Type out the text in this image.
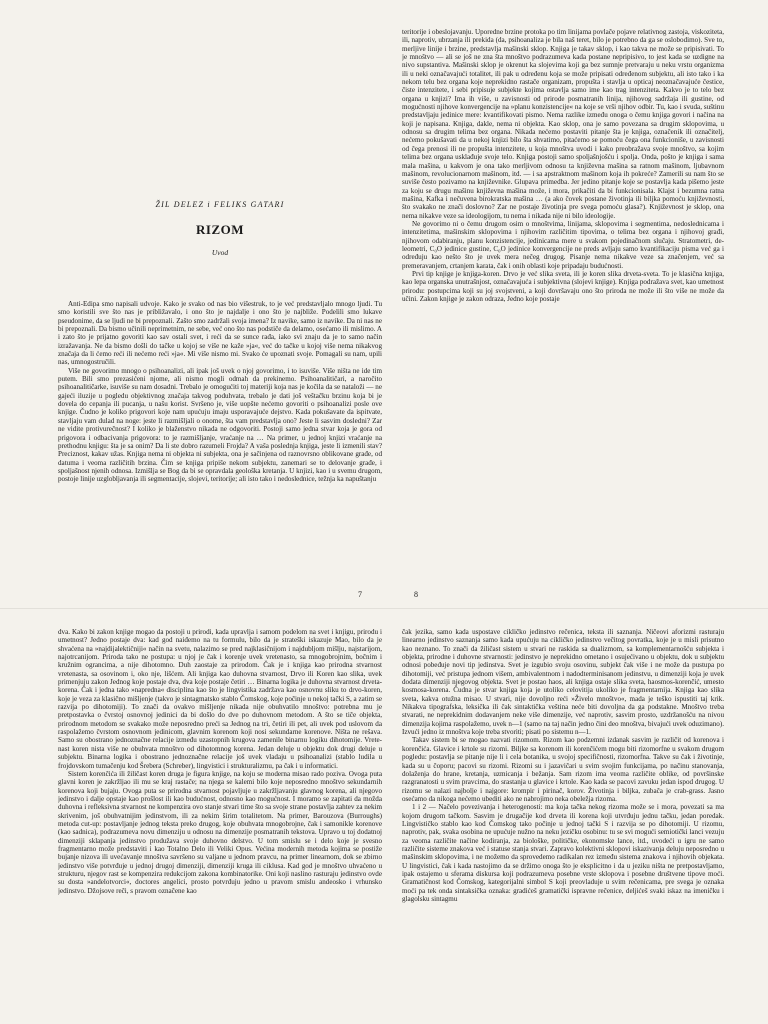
ŽIL DELEZ i FELIKS GATARI
RIZOM
Uvod

Anti-Edipa smo napisali udvoje. Kako je svako od nas bio višestruk, to je već predstavljalo mnogo ljudi. Tu smo koristili sve što nas je približavalo, i ono što je najdalje i ono što je najbliže. Podelili smo lukave pseudonime, da se ljudi ne bi prepoznali. Zašto smo zadržali svoja imena? Iz navike, samo iz navike. Da ni nas ne bi prepoznali. Da bismo učinili neprimetnim, ne sebe, već ono što nas podstiče da delamo, osećamo ili mislimo. A i zato što je prijatno govoriti kao sav ostali svet, i reći da se sunce rađa, iako svi znaju da je to samo način izražavanja. Ne da bismo došli do tačke u kojoj se više ne kaže »ja«, već do tačke u kojoj više nema nikakvog značaja da li ćemo reći ili nećemo reći »ja«. Mi više nismo mi. Svako će upoznati svoje. Pomagali su nam, upili nas, umnogostručili.

Više ne govorimo mnogo o psihoanalizi, ali ipak još uvek o njoj govorimo, i to isuviše. Više ništa ne ide tim putem. Bili smo prezasićeni njome, ali nismo mogli odmah da prekinemo. Psihoanalitičari, a naročito psihoanalitičarke, isuviše su nam dosadni. Trebalo je omogućiti toj materiji koja nas je kočila da se nataloži — ne gajeći iluzije u pogledu objektivnog značaja takvog poduhvata, trebalo je dati još veštačku brzinu koja bi je dovela do cepanja ili pucanja, u našu korist. Svršeno je, više uopšte nećemo govoriti o psihoanalizi posle ove knjige. Čudno je koliko prigovori koje nam upućuju imaju usporavajuće dejstvo. Kada pokušavate da ispitvate, stavljaju vam dulad na noge: jeste li razmišljali o onome, šta vam predstavlja ono? Jeste li sasvim dosledni? Zar ne vidite protivurečnost? I koliko je blaženstvo nikada ne odgovoriti. Postoji samo jedna stvar koja je gora od prigovora i odbacivanja prigovora: to je razmišljanje, vraćanje na … Na primer, u jednoj knjizi vraćanje na prethodnu knjigu: šta je sa onim? Da li ste dobro razumeli Frojda? A vaša poslednja knjiga, jeste li izmenili stav? Preciznost, kakav užas. Knjiga nema ni objekta ni subjekta, ona je sačinjena od raznovrsno oblikovane građe, od datuma i veoma različitih brzina. Čim se knjiga pripiše nekom subjektu, zanemari se to delovanje građe, i spoljašnost njenih odnosa. Izmišlja se Bog da bi se opravdala geološka kretanja. U knjizi, kao i u svemu drugom, postoje linije uzglobljavanja ili segmentacije, slojevi, teritorije; ali isto tako i nedoslednice, težnja ka napuštanju

teritorije i obeslojavanju. Uporedne brzine protoka po tim linijama povlače pojave relativnog zastoja, viskoziteta, ili, naprotiv, ubrzanja ili prekida (da, psihoanaliza je bila naš teret, bilo je potrebno da ga se oslobodimo). Sve to, merljive linije i brzine, predstavlja mašinski sklop. Knjiga je takav sklop, i kao takva ne može se pripisivati. To je mnoštvo — ali se još ne zna šta mnoštvo podrazumeva kada postane nepripisivo, to jest kada se uzdigne na nivo supstantiva. Mašinski sklop je okrenut ka slojevima koji ga bez sumnje pretvaraju u neku vrstu organizma ili u neki označavajući totalitet, ili pak u određenu koja se može pripisati određenom subjektu, ali isto tako i ka nekom telu bez organa koje neprekidno rastače organizam, propušta i stavlja u opticaj neoznačavajuće čestice, čiste intenzitete, i sebi pripisuje subjekte kojima ostavlja samo ime kao trag intenziteta. Kakvo je to telo bez organa u knjizi? Ima ih više, u zavisnosti od prirode posmatranih linija, njihovog sadržaja ili gustine, od mogućnosti njihove konvergencije na »planu konzistencije« na koje se vrši njihov odbir. Tu, kao i svuda, suštinu predstavljaju jedinice mere: kvantifikovati pismo. Nema razlike između onoga o čemu knjiga govori i načina na koji je napisana. Knjiga, dakle, nema ni objekta. Kao sklop, ona je samo povezana sa drugim sklopovima, u odnosu sa drugim telima bez organa. Nikada nećemo postaviti pitanje šta je knjiga, označenik ili označitelj, nećemo pokušavati da u nekoj knjizi bilo šta shvatimo, pitaćemo se pomoću čega ona funkcioniše, u zavisnosti od čega prenosi ili ne propušta intenzitete, u koja mnoštva uvodi i kako preobražava svoje mnoštvo, sa kojim telima bez organa usklađuje svoje telo. Knjiga postoji samo spoljašnjošću i spolja. Onda, pošto je knjiga i sama mala mašina, u kakvom je ona tako merljivom odnosu ta književna mašina sa ratnom mašinom, ljubavnom mašinom, revolucionarnom mašinom, itd. — i sa apstraktnom mašinom koja ih pokreće? Zamerili su nam što se suviše često pozivamo na književnike. Glupava primedba. Jer jedino pitanje koje se postavlja kada pišemo jeste za koju se drugu mašinu književna mašina može, i mora, prikačiti da bi funkcionisala. Klajst i bezumna ratna mašina, Kafka i nečuvena birokratska mašina … (a ako čovek postane životinja ili biljka pomoću književnosti, što svakako ne znači doslovno? Zar ne postaje životinja pre svega pomoću glasa?). Književnost je sklop, ona nema nikakve veze sa ideologijom, tu nema i nikada nije ni bilo ideologije.

Ne govorimo ni o čemu drugom osim o mnoštvima, linijama, sklopovima i segmentima, nedoslednicama i intenzitetima, mašinskim sklopovima i njihovim različitim tipovima, o telima bez organa i njihovoj građi, njihovom odabiranju, planu konzistencije, jedinicama mere u svakom pojedinačnom slučaju. Stratometri, deleometri, C₀O jedinice gustine, C₀O jedinice konvergencije ne preds avljaju samo kvantifikaciju pisma već ga i određuju kao nešto što je uvek mera nečeg drugog. Pisanje nema nikakve veze sa značenjem, već sa premeravanjem, crtanjem karata, čak i onih oblasti koje pripadaju budućnosti.

Prvi tip knjige je knjiga-koren. Drvo je već slika sveta, ili je koren slika drveta-sveta. To je klasična knjiga, kao lepa organska unutrašnjost, označavajuća i subjektivna (slojevi knjige). Knjiga podražava svet, kao umetnost prirodu: postupcima koji su joj svojstveni, a koji dovršavaju ono što priroda ne može ili što više ne može da učini. Zakon knjige je zakon odraza, Jedno koje postaje

7	8

dva. Kako bi zakon knjige mogao da postoji u prirodi, kada upravlja i samom podelom na svet i knjigu, prirodu i umetnost? Jedno postaje dva: kad god naiđemo na tu formulu, bilo da je strateški iskazuje Mao, bilo da je shvaćena na »najdijalektičniji« način na svetu, nalazimo se pred najklasičnijom i najdublјom mišlju, najstarijom, najotrcanijom. Priroda tako ne postupa: u njoj je čak i korenje uvek vretenasto, sa mnogobrojnim, bočnim i kružnim ograncima, a nije dihotomno. Duh zaostaje za prirodom. Čak je i knjiga kao prirodna stvarnost vretenasta, sa osovinom i, oko nje, lišćem. Ali knjiga kao duhovna stvarnost, Drvo ili Koren kao slika, uvek primenjuju zakon Jednog koje postaje dva, dva koje postaje četiri … Binarna logika je duhovna stvarnost drveta-korena. Čak i jedna tako »napredna« disciplina kao što je lingvistika zadržava kao osnovnu sliku to drvo-koren, koje je veza za klasično mišljenje (takvo je sintagmatsko stablo Čomskog, koje počinje u nekoj tački S, a zatim se razvija po dihotomiji). To znači da ovakvo mišljenje nikada nije obuhvatilo mnoštvo: potrebna mu je pretpostavka o čvrstoj osnovnoj jedinici da bi došlo do dve po duhovnom metodom. A što se tiče objekta, prirodnom metodom se svakako može neposredno preći sa Jednog na tri, četiri ili pet, ali uvek pod uslovom da raspolažemo čvrstom osnovnom jedinicom, glavnim korenom koji nosi sekundarne korenove. Ništa ne rešava. Samo su obostrano jednoznačne relacije između uzastopnih krugova zamenile binarnu logiku dihotomije. Vretenast koren nista više ne obuhvata mnoštvo od dihotomnog korena. Jedan deluje u objektu dok drugi deluje u subjektu. Binarna logika i obostrano jednoznačne relacije još uvek vladaju u psihoanalizi (stablo ludila u frojdovskom tumačenju kod Šrebera (Schreber), lingvistici i strukturalizmu, pa čak i u informatici.

Sistem korenčića ili žiličast koren druga je figura knjige, na koju se moderna misao rado poziva. Ovoga puta glavni koren je zakržljao ili mu se kraj rastače; na njega se kalemi bilo koje neposredno mnoštvo sekundarnih korenova koji bujaju. Ovoga puta se prirodna stvarnost pojavljuje u zakržljavanju glavnog korena, ali njegovo jedinstvo i dalje opstaje kao prošlost ili kao budućnost, odnosno kao mogućnost. I moramo se zapitati da možda duhovna i refleksivna stvarnost ne kompenzira ovo stanje stvari time što sa svoje strane postavlja zahtev za nekim skrivenim, još obuhvatnijim jedinstvom, ili za nekim širim totalitetom. Na primer, Barouzova (Burroughs) metoda cut-up: postavljanje jednog teksta preko drugog, koje obuhvata mnogobrojne, čak i samonikle korenove (kao sadnica), podrazumeva novu dimenziju u odnosu na dimenzije posmatranih tekstova. Upravo u toj dodatnoj dimenziji sklapanja jedinstvo produžava svoje duhovno delstvo. U tom smislu se i delo koje je svesno fragmentarno može predstaviti i kao Totalno Delo ili Veliki Opus. Većina modernih metoda kojima se postiže bujanje nizova ili uvećavanje mnoštva savršeno su valjane u jednom pravcu, na primer linearnom, dok se zbirno jedinstvo više potvrđuje u jednoj drugoj dimenziji, dimenziji kruga ili ciklusa. Kad god je mnoštvo uhvaćeno u strukturu, njegov rast se kompenzira redukcijom zakona kombinatorike. Oni koji naslino rasturaju jedinstvo ovde su dosta »andelotvorci«, doctores angelici, prosto potvrđuju jedno u pravom smislu andeosko i vrhunsko jedinstvo. Džojsove reči, s pravom označene kao

čak jezika, samo kada uspostave cikličko jedinstvo rečenica, teksta ili saznanja. Ničeovi aforizmi rasturaju linearno jedinstvo saznanja samo kada upućuju na cikličko jedinstvo večitog povratka, koje je u misli prisutno kao neznano. To znači da žiličast sistem u stvari ne raskida sa dualizmom, sa komplementarnošću subjekta i objekta, prirodne i duhovne stvarnosti: jedinstvo je neprekidno ometano i osujećivano u objektu, dok u subjektu odnosi pobeđuje novi tip jedinstva. Svet je izgubio svoju osovinu, subjekt čak više i ne može da pustupa po dihotomiji, već pristupa jednom višem, ambivalentnom i nadodterminisanom jedinstvu, u dimenziji koja je uvek dodata dimenziji njegovog objekta. Svet je postao haos, ali knjiga ostaje slika sveta, haosmos-korenčić, umesto kosmosa-korena. Čudna je stvar knjiga koja je utoliko celovitija ukoliko je fragmentarnija. Knjiga kao slika sveta, kakva otužna misao. U stvari, nije dovoljno reći »Živelo mnoštvo«, mada je teško ispustiti taj krik. Nikakva tipografska, leksička ili čak sintaktička veština neće biti dovoljna da ga podstakne. Mnoštvo treba stvarati, ne neprekidnim dodavanjem neke više dimenzije, već naprotiv, sasvim prosto, uzdržanošću na nivou dimenzija kojima raspolažemo, uvek n—1 (samo na taj način jedno čini deo mnoštva, bivajući uvek oduzimano). Izvući jedno iz mnoštva koje treba stvoriti; pisati po sistemu n—1.

Takav sistem bi se mogao nazvati rizomom. Rizom kao podzemni izdanak sasvim je različit od korenova i korenčića. Glavice i krtole su rizomi. Biljke sa korenom ili korenčićem mogu biti rizomorfne u svakom drugom pogledu: postavlja se pitanje nije li i cela botanika, u svojoj specifičnosti, rizomorfna. Takve su čak i životinje, kada su u čoporu; pacovi su rizomi. Rizomi su i jazavičari u svim svojim funkcijama, po načinu stanovanja, dolaženja do hrane, kretanja, uzmicanja i bežanja. Sam rizom ima veoma različite oblike, od površinske razgranatosti u svim pravcima, do srastanja u glavice i krtole. Kao kada se pacovi zavuku jedan ispod drugog. U rizomu se nalazi najbolje i najgore: krompir i pirinač, korov. Životinja i biljka, zubača je crab-grass. Jasno osećamo da nikoga nećemo ubediti ako ne nabrojimo neka obeležja rizoma.

1 i 2 — Načelo povezivanja i heterogenosti: ma koja tačka nekog rizoma može se i mora, povezati sa ma kojom drugom tačkom. Sasvim je drugačije kod drveta ili korena koji utvrđuju jednu tačku, jedan poredak. Lingvističko stablo kao kod Čomskog tako počinje u jednoj tački S i razvija se po dihotomiji. U rizomu, naprotiv, pak, svaka osobina ne upućuje nužno na neku jezičku osobinu: tu se svi mogući semiotički lanci vezuju za veoma različite načine kodiranja, za biološke, političke, ekonomske lance, itd., uvodeći u igru ne samo različite sisteme znakova već i statuse stanja stvari. Zapravo kolektivni sklopovi iskazivanja deluju neposredno u mašinskim sklopovima, i ne možemo da sprovedemo radikalan rez između sistema znakova i njihovih objekata. U lingvistici, čak i kada nastojimo da se držimo onoga što je eksplicitno i da u jeziku ništa ne pretpostavljamo, ipak ostajemo u sferama diskursa koji podrazumeva posebne vrste sklopova i posebne društvene tipove moći. Gramatičnost kod Čomskog, kategorijalni simbol S koji preovladuje u svim rečenicama, pre svega je oznaka moći pa tek onda sintaksička oznaka: gradićeš gramatički ispravne rečenice, deljićeš svaki iskaz na imeničku i glagolsku sintagmu
